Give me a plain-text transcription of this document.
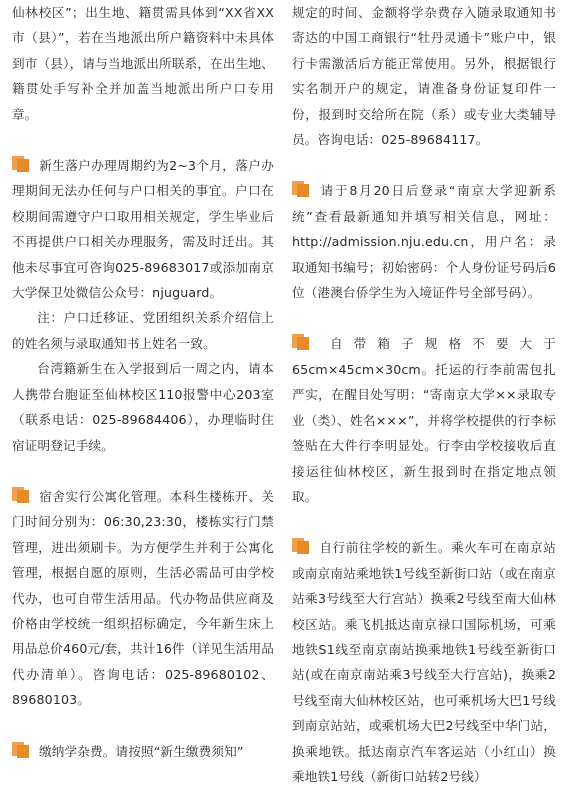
仙林校区”；出生地、籍贯需具体到“XX省XX市（县）”，若在当地派出所户籍资料中未具体到市（县），请与当地派出所联系，在出生地、籍贯处手写补全并加盖当地派出所户口专用章。

新生落户办理周期约为2~3个月，落户办理期间无法办任何与户口相关的事宜。户口在校期间需遵守户口取用相关规定，学生毕业后不再提供户口相关办理服务，需及时迁出。其他未尽事宜可咨询025-89683017或添加南京大学保卫处微信公众号：njuguard。

注：户口迁移证、党团组织关系介绍信上的姓名须与录取通知书上姓名一致。

台湾籍新生在入学报到后一周之内，请本人携带台胞证至仙林校区110报警中心203室（联系电话：025-89684406），办理临时住宿证明登记手续。

宿舍实行公寓化管理。本科生楼栋开、关门时间分别为：06:30,23:30，楼栋实行门禁管理，进出须刷卡。为方便学生并利于公寓化管理，根据自愿的原则，生活必需品可由学校代办，也可自带生活用品。代办物品供应商及价格由学校统一组织招标确定，今年新生床上用品总价460元/套，共计16件（详见生活用品代办清单）。咨询电话：025-89680102、89680103。

缴纳学杂费。请按照“新生缴费须知”

规定的时间、金额将学杂费存入随录取通知书寄达的中国工商银行“牡丹灵通卡”账户中，银行卡需激活后方能正常使用。另外，根据银行实名制开户的规定，请准备身份证复印件一份，报到时交给所在院（系）或专业大类辅导员。咨询电话：025-89684117。

请于8月20日后登录“南京大学迎新系统”查看最新通知并填写相关信息，网址：http://admission.nju.edu.cn，用户名：录取通知书编号；初始密码：个人身份证号码后6位（港澳台侨学生为入境证件号全部号码）。

自带箱子规格不要大于65cm×45cm×30cm。托运的行李前需包扎严实，在醒目处写明：“寄南京大学××录取专业（类）、姓名×××”，并将学校提供的行李标签贴在大件行李明显处。行李由学校接收后直接运往仙林校区，新生报到时在指定地点领取。

自行前往学校的新生。乘火车可在南京站或南京南站乘地铁1号线至新街口站（或在南京站乘3号线至大行宫站）换乘2号线至南大仙林校区站。乘飞机抵达南京禄口国际机场，可乘地铁S1线至南京南站换乘地铁1号线至新街口站(或在南京南站乘3号线至大行宫站)，换乘2号线至南大仙林校区站，也可乘机场大巴1号线到南京站站，或乘机场大巴2号线至中华门站，换乘地铁。抵达南京汽车客运站（小红山）换乘地铁1号线（新街口站转2号线）
